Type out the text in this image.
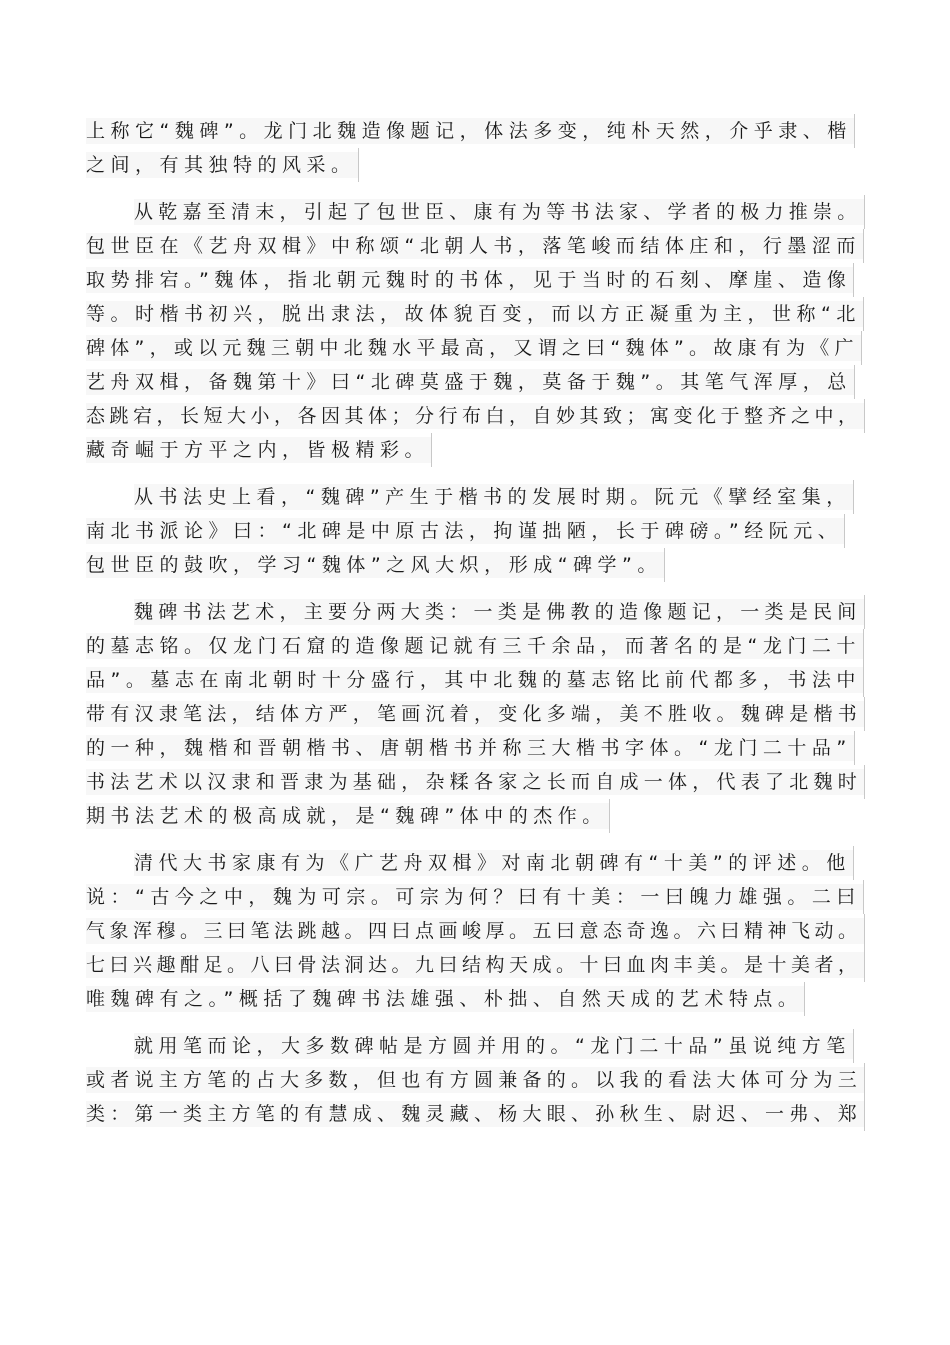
上称它“魏碑”。龙门北魏造像题记，体法多变，纯朴天然，介乎隶、楷
之间，有其独特的风采。
从乾嘉至清末，引起了包世臣、康有为等书法家、学者的极力推崇。
包世臣在《艺舟双楫》中称颂“北朝人书，落笔峻而结体庄和，行墨涩而
取势排宕。”魏体，指北朝元魏时的书体，见于当时的石刻、摩崖、造像
等。时楷书初兴，脱出隶法，故体貌百变，而以方正凝重为主，世称“北
碑体”，或以元魏三朝中北魏水平最高，又谓之曰“魏体”。故康有为《广
艺舟双楫，备魏第十》曰“北碑莫盛于魏，莫备于魏”。其笔气浑厚，总
态跳宕，长短大小，各因其体；分行布白，自妙其致；寓变化于整齐之中，
藏奇崛于方平之内，皆极精彩。
从书法史上看，“魏碑”产生于楷书的发展时期。阮元《擘经室集，
南北书派论》曰：“北碑是中原古法，拘谨拙陋，长于碑磅。”经阮元、
包世臣的鼓吹，学习“魏体”之风大炽，形成“碑学”。
魏碑书法艺术，主要分两大类：一类是佛教的造像题记，一类是民间
的墓志铭。仅龙门石窟的造像题记就有三千余品，而著名的是“龙门二十
品”。墓志在南北朝时十分盛行，其中北魏的墓志铭比前代都多，书法中
带有汉隶笔法，结体方严，笔画沉着，变化多端，美不胜收。魏碑是楷书
的一种，魏楷和晋朝楷书、唐朝楷书并称三大楷书字体。“龙门二十品”
书法艺术以汉隶和晋隶为基础，杂糅各家之长而自成一体，代表了北魏时
期书法艺术的极高成就，是“魏碑”体中的杰作。
清代大书家康有为《广艺舟双楫》对南北朝碑有“十美”的评述。他
说：“古今之中，魏为可宗。可宗为何？曰有十美：一曰魄力雄强。二曰
气象浑穆。三曰笔法跳越。四曰点画峻厚。五曰意态奇逸。六曰精神飞动。
七曰兴趣酣足。八曰骨法洞达。九曰结构天成。十曰血肉丰美。是十美者，
唯魏碑有之。”概括了魏碑书法雄强、朴拙、自然天成的艺术特点。
就用笔而论，大多数碑帖是方圆并用的。“龙门二十品”虽说纯方笔
或者说主方笔的占大多数，但也有方圆兼备的。以我的看法大体可分为三
类：第一类主方笔的有慧成、魏灵藏、杨大眼、孙秋生、尉迟、一弗、郑
